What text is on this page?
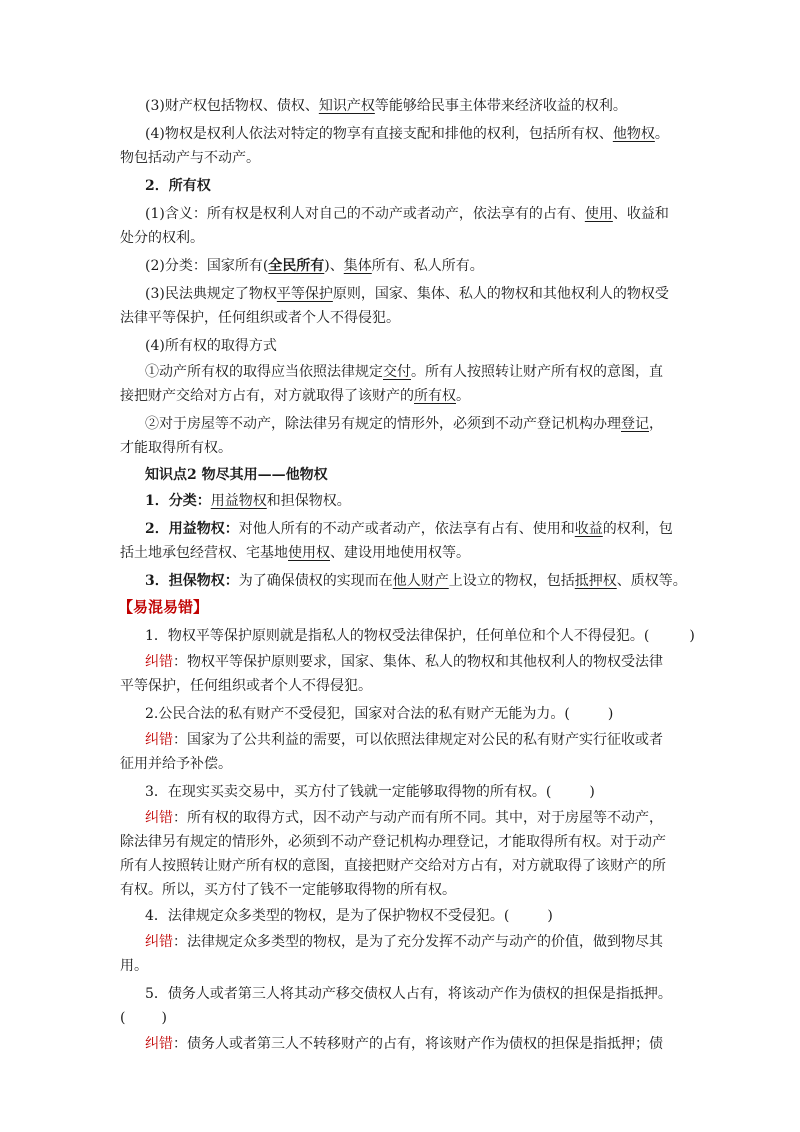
(3)财产权包括物权、债权、知识产权等能够给民事主体带来经济收益的权利。
(4)物权是权利人依法对特定的物享有直接支配和排他的权利，包括所有权、他物权。
物包括动产与不动产。
2．所有权
(1)含义：所有权是权利人对自己的不动产或者动产，依法享有的占有、使用、收益和
处分的权利。
(2)分类：国家所有(全民所有)、集体所有、私人所有。
(3)民法典规定了物权平等保护原则，国家、集体、私人的物权和其他权利人的物权受
法律平等保护，任何组织或者个人不得侵犯。
(4)所有权的取得方式
①动产所有权的取得应当依照法律规定交付。所有人按照转让财产所有权的意图，直
接把财产交给对方占有，对方就取得了该财产的所有权。
②对于房屋等不动产，除法律另有规定的情形外，必须到不动产登记机构办理登记，
才能取得所有权。
知识点2 物尽其用——他物权
1．分类：用益物权和担保物权。
2．用益物权：对他人所有的不动产或者动产，依法享有占有、使用和收益的权利，包
括土地承包经营权、宅基地使用权、建设用地使用权等。
3．担保物权：为了确保债权的实现而在他人财产上设立的物权，包括抵押权、质权等。
【易混易错】
1．物权平等保护原则就是指私人的物权受法律保护，任何单位和个人不得侵犯。(	)
纠错：物权平等保护原则要求，国家、集体、私人的物权和其他权利人的物权受法律
平等保护，任何组织或者个人不得侵犯。
2.公民合法的私有财产不受侵犯，国家对合法的私有财产无能为力。(	)
纠错：国家为了公共利益的需要，可以依照法律规定对公民的私有财产实行征收或者
征用并给予补偿。
3．在现实买卖交易中，买方付了钱就一定能够取得物的所有权。(	)
纠错：所有权的取得方式，因不动产与动产而有所不同。其中，对于房屋等不动产，
除法律另有规定的情形外，必须到不动产登记机构办理登记，才能取得所有权。对于动产
所有人按照转让财产所有权的意图，直接把财产交给对方占有，对方就取得了该财产的所
有权。所以，买方付了钱不一定能够取得物的所有权。
4．法律规定众多类型的物权，是为了保护物权不受侵犯。(	)
纠错：法律规定众多类型的物权，是为了充分发挥不动产与动产的价值，做到物尽其
用。
5．债务人或者第三人将其动产移交债权人占有，将该动产作为债权的担保是指抵押。
(	)
纠错：债务人或者第三人不转移财产的占有，将该财产作为债权的担保是指抵押；债
